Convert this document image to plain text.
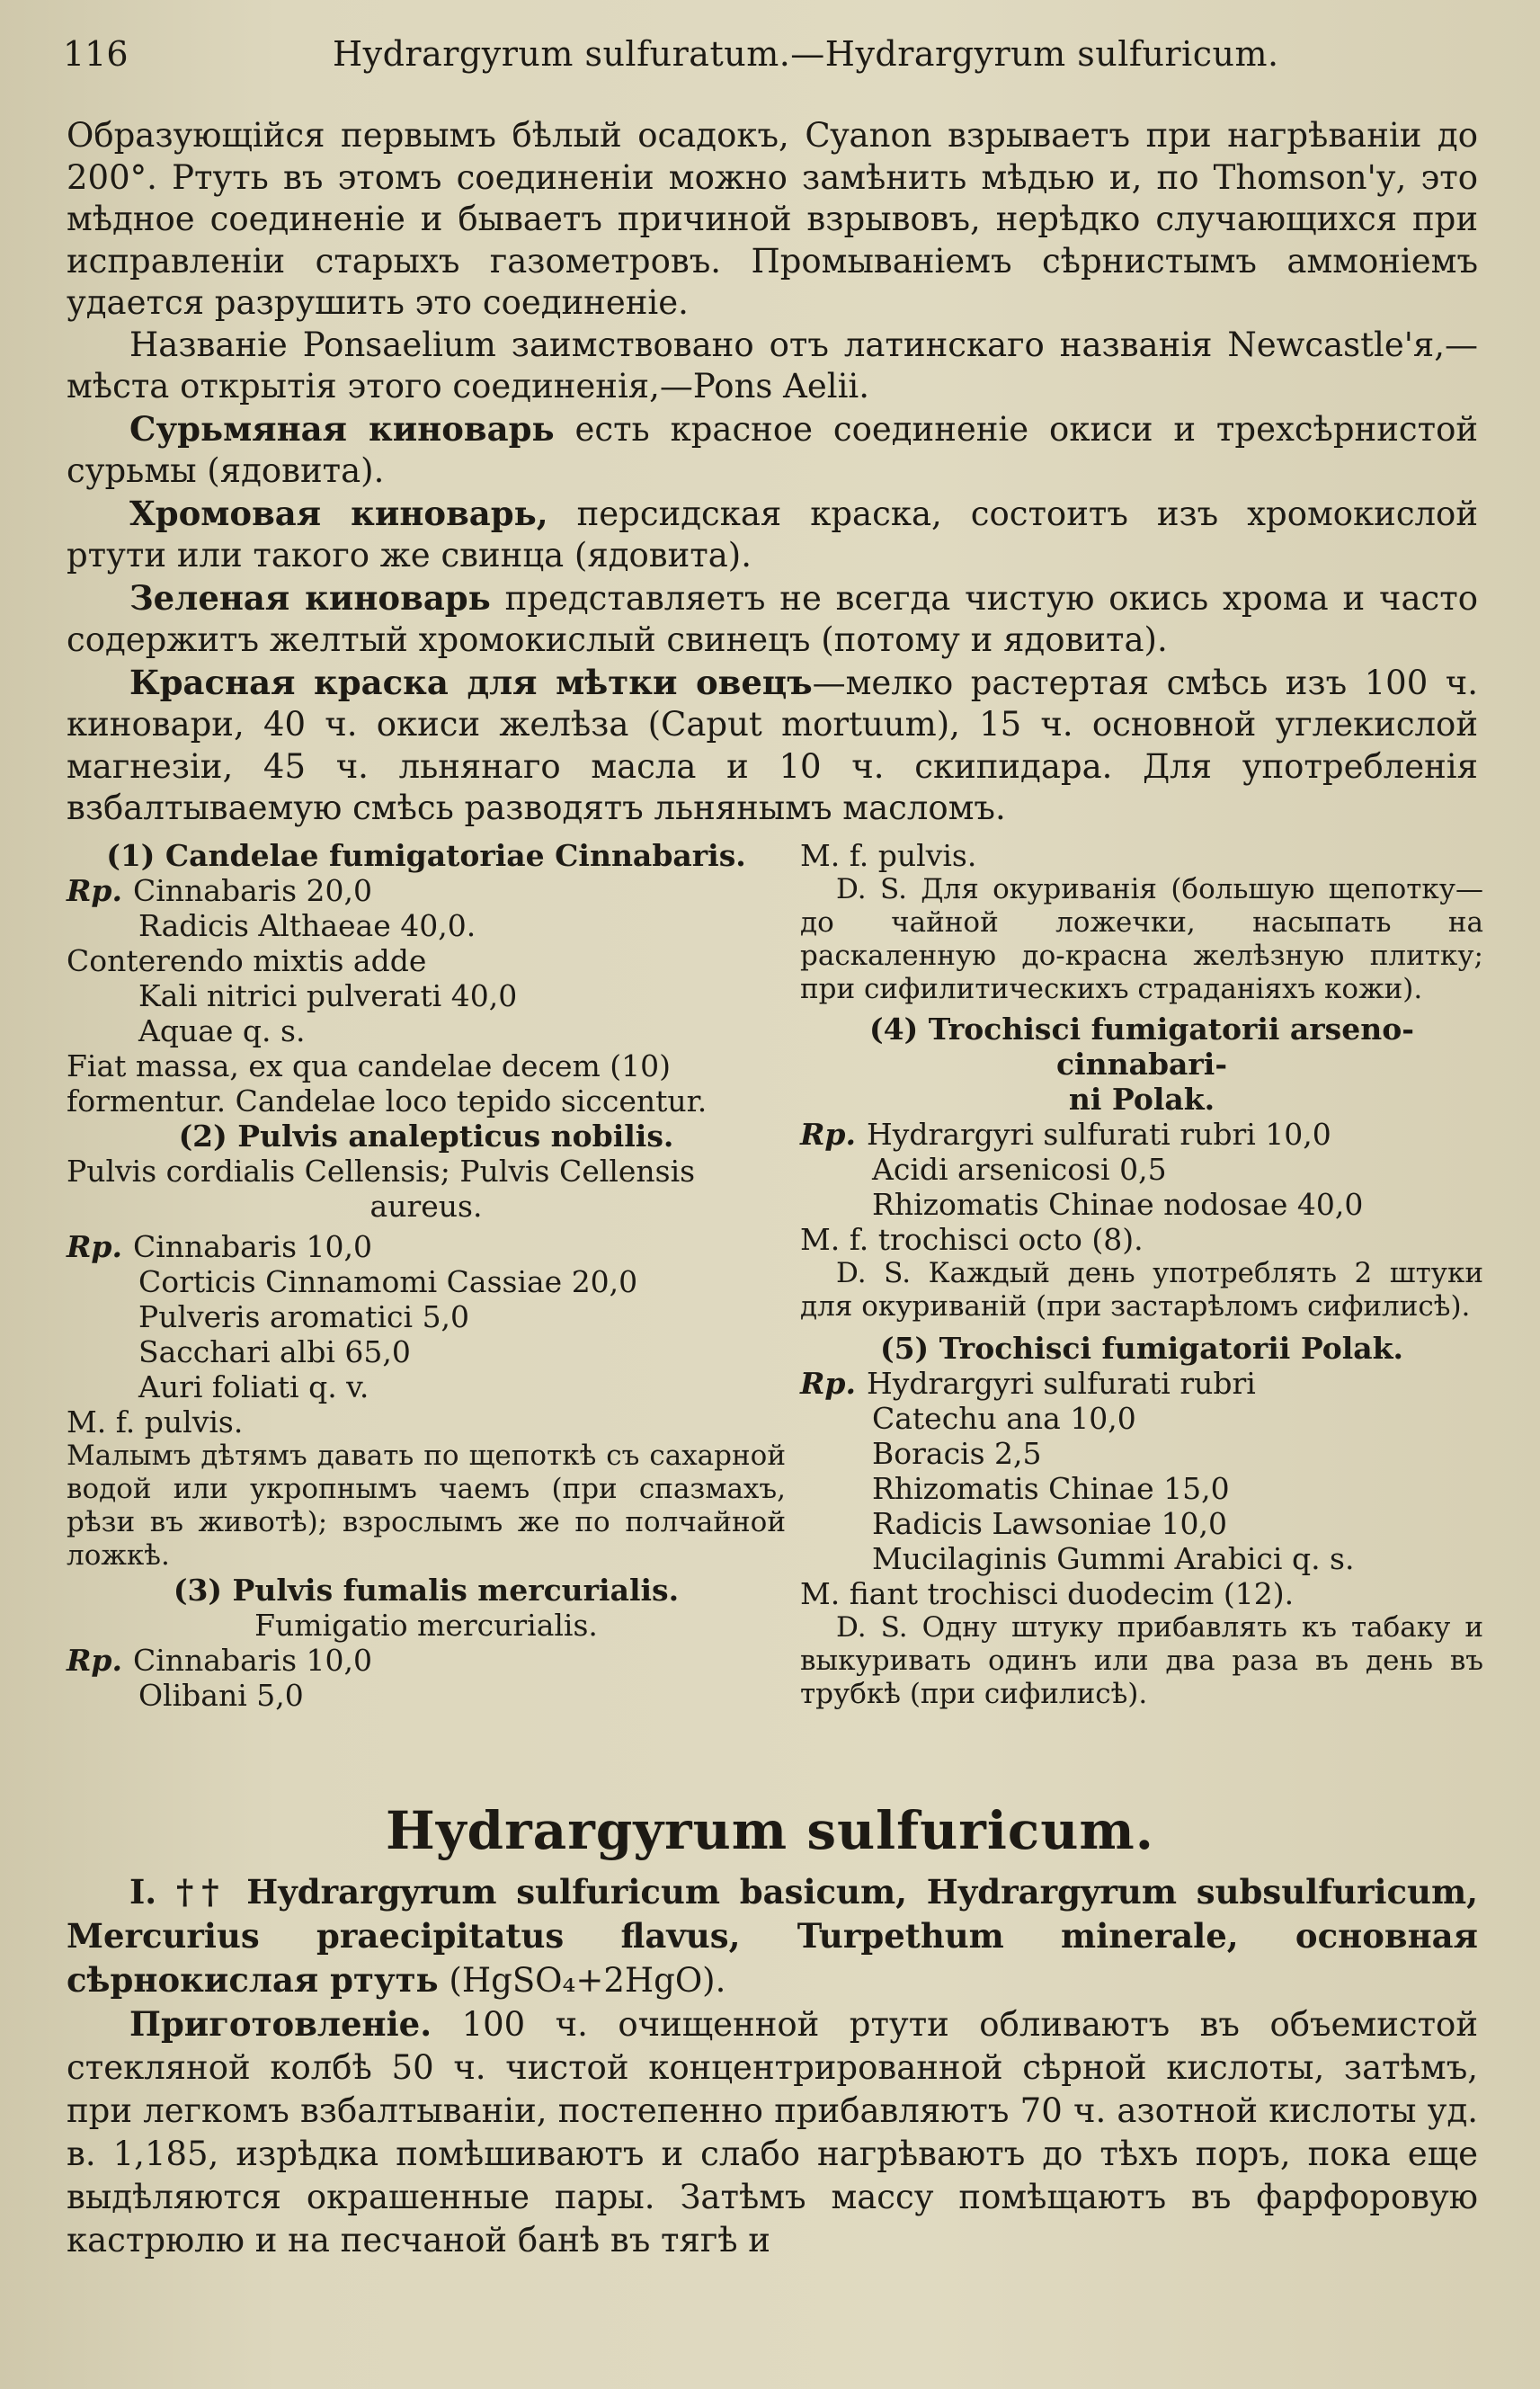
116	Hydrargyrum sulfuratum.—Hydrargyrum sulfuricum.

Образующійся первымъ бѣлый осадокъ, Cyanon взрываетъ при нагрѣваніи до 200°. Ртуть въ этомъ соединеніи можно замѣнить мѣдью и, по Thomson'у, это мѣдное соединеніе и бываетъ причиной взрывовъ, нерѣдко случающихся при исправленіи старыхъ газометровъ. Промываніемъ сѣрнистымъ аммоніемъ удается разрушить это соединеніе.

Названіе Ponsaelium заимствовано отъ латинскаго названія Newcastle'я,—мѣста открытія этого соединенія,—Pons Aelii.

Сурьмяная киноварь есть красное соединеніе окиси и трехсѣрнистой сурьмы (ядовита).

Хромовая киноварь, персидская краска, состоитъ изъ хромокислой ртути или такого же свинца (ядовита).

Зеленая киноварь представляетъ не всегда чистую окись хрома и часто содержитъ желтый хромокислый свинецъ (потому и ядовита).

Красная краска для мѣтки овецъ—мелко растертая смѣсь изъ 100 ч. киновари, 40 ч. окиси желѣза (Caput mortuum), 15 ч. основной углекислой магнезіи, 45 ч. льнянаго масла и 10 ч. скипидара. Для употребленія взбалтываемую смѣсь разводятъ льнянымъ масломъ.

(1) Candelae fumigatoriae Cinnabaris.

Rp. Cinnabaris 20,0

Radicis Althaeae 40,0.

Conterendo mixtis adde

Kali nitrici pulverati 40,0

Aquae q. s.

Fiat massa, ex qua candelae decem (10)

formentur. Candelae loco tepido siccentur.

(2) Pulvis analepticus nobilis.

Pulvis cordialis Cellensis; Pulvis Cellensis

aureus.

Rp. Cinnabaris 10,0

Corticis Cinnamomi Cassiae 20,0

Pulveris aromatici 5,0

Sacchari albi 65,0

Auri foliati q. v.

M. f. pulvis.

Малымъ дѣтямъ давать по щепоткѣ съ сахарной водой или укропнымъ чаемъ (при спазмахъ, рѣзи въ животѣ); взрослымъ же по полчайной ложкѣ.

(3) Pulvis fumalis mercurialis.

Fumigatio mercurialis.

Rp. Cinnabaris 10,0

Olibani 5,0

M. f. pulvis.

D. S. Для окуриванія (большую щепотку—до чайной ложечки, насыпать на раскаленную до-красна желѣзную плитку; при сифилитическихъ страданіяхъ кожи).

(4) Trochisci fumigatorii arseno-cinnabari-

ni Polak.

Rp. Hydrargyri sulfurati rubri 10,0

Acidi arsenicosi 0,5

Rhizomatis Chinae nodosae 40,0

M. f. trochisci octo (8).

D. S. Каждый день употреблять 2 штуки для окуриваній (при застарѣломъ сифилисѣ).

(5) Trochisci fumigatorii Polak.

Rp. Hydrargyri sulfurati rubri

Catechu ana 10,0

Boracis 2,5

Rhizomatis Chinae 15,0

Radicis Lawsoniae 10,0

Mucilaginis Gummi Arabici q. s.

M. fiant trochisci duodecim (12).

D. S. Одну штуку прибавлять къ табаку и выкуривать одинъ или два раза въ день въ трубкѣ (при сифилисѣ).

Hydrargyrum sulfuricum.

I. †† Hydrargyrum sulfuricum basicum, Hydrargyrum subsulfuricum, Mercurius praecipitatus flavus, Turpethum minerale, основная сѣрнокислая ртуть (HgSO₄+2HgO).

Приготовленіе. 100 ч. очищенной ртути обливаютъ въ объемистой стекляной колбѣ 50 ч. чистой концентрированной сѣрной кислоты, затѣмъ, при легкомъ взбалтываніи, постепенно прибавляютъ 70 ч. азотной кислоты уд. в. 1,185, изрѣдка помѣшиваютъ и слабо нагрѣваютъ до тѣхъ поръ, пока еще выдѣляются окрашенные пары. Затѣмъ массу помѣщаютъ въ фарфоровую кастрюлю и на песчаной банѣ въ тягѣ и
